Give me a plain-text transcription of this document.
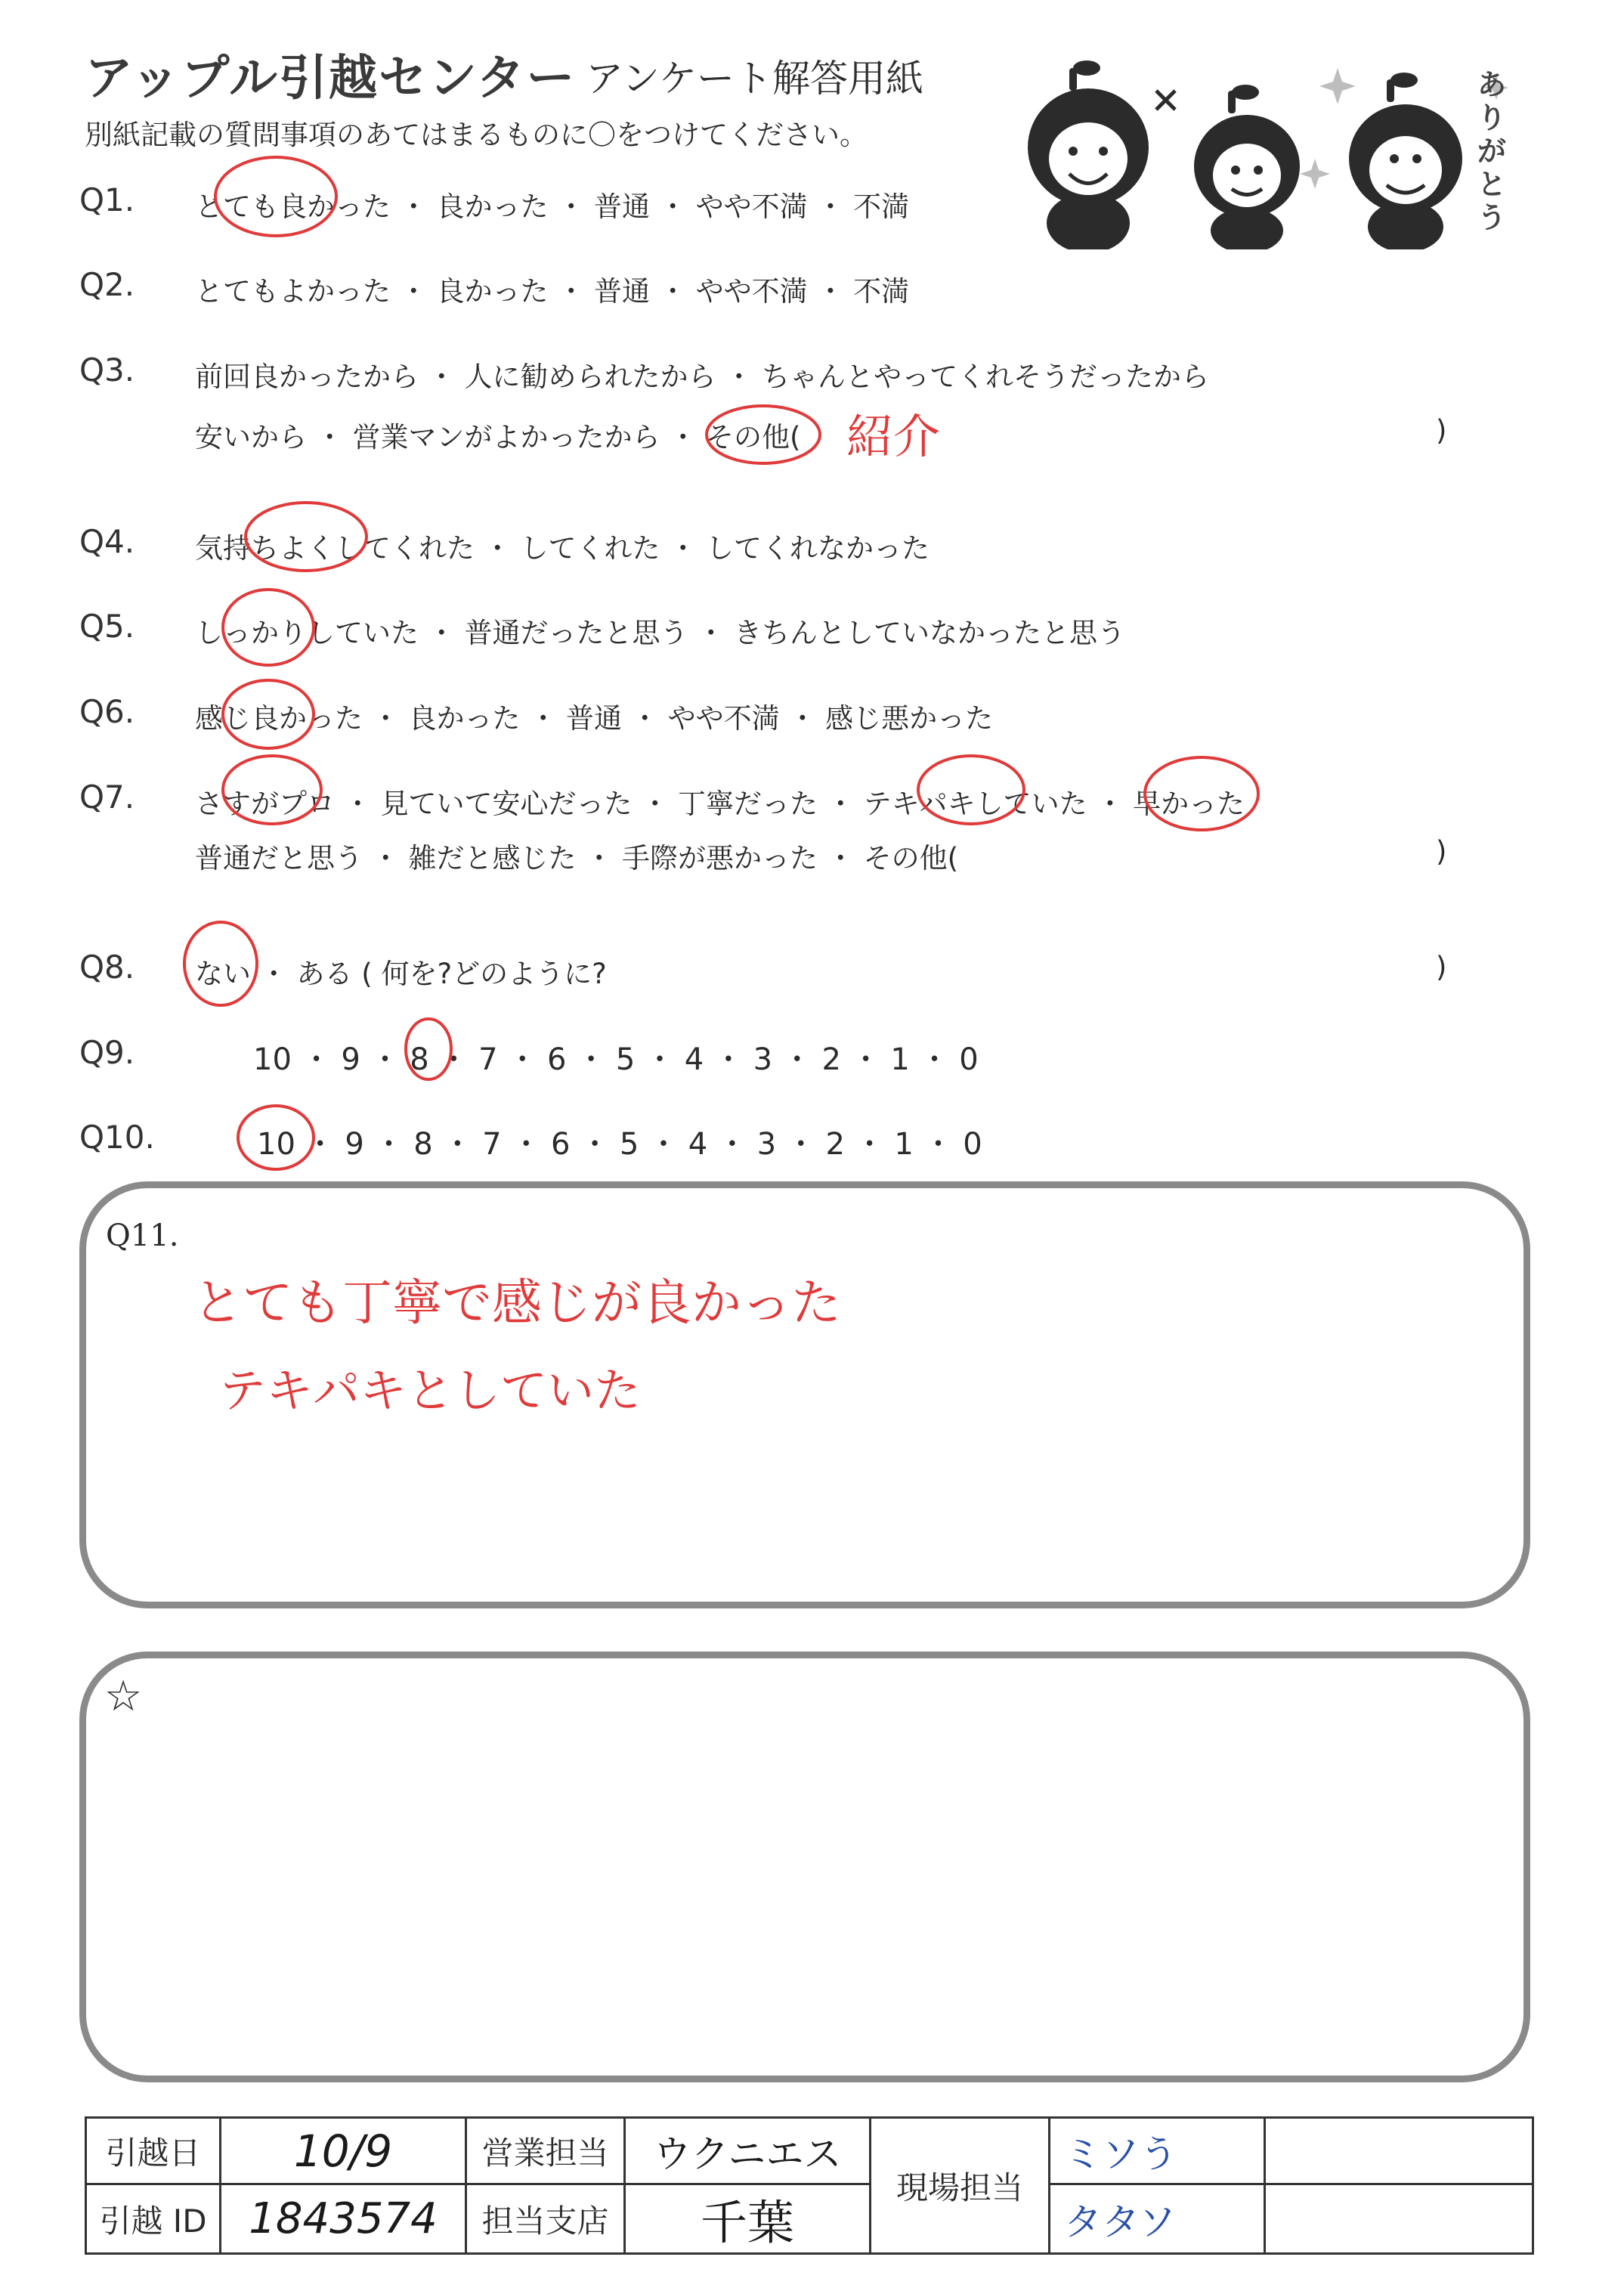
アップル引越センター アンケート解答用紙
別紙記載の質問事項のあてはまるものに〇をつけてください。
ありがとう
Q1. とても良かった ・ 良かった ・ 普通 ・ やや不満 ・ 不満
Q2. とてもよかった ・ 良かった ・ 普通 ・ やや不満 ・ 不満
Q3. 前回良かったから ・ 人に勧められたから ・ ちゃんとやってくれそうだったから
安いから ・ 営業マンがよかったから ・ その他(	)
Q4. 気持ちよくしてくれた ・ してくれた ・ してくれなかった
Q5. しっかりしていた ・ 普通だったと思う ・ きちんとしていなかったと思う
Q6. 感じ良かった ・ 良かった ・ 普通 ・ やや不満 ・ 感じ悪かった
Q7. さすがプロ ・ 見ていて安心だった ・ 丁寧だった ・ テキパキしていた ・ 早かった
普通だと思う ・ 雑だと感じた ・ 手際が悪かった ・ その他(	)
Q8. ない ・ ある ( 何を?どのように?	)
Q9.	10 ・ 9 ・ 8 ・ 7 ・ 6 ・ 5 ・ 4 ・ 3 ・ 2 ・ 1 ・ 0
Q10.	10 ・ 9 ・ 8 ・ 7 ・ 6 ・ 5 ・ 4 ・ 3 ・ 2 ・ 1 ・ 0
紹介
Q11.
とても丁寧で感じが良かった
テキパキとしていた
☆
引越日	10/9	営業担当	ウクニエス	現場担当	ミソう	
引越 ID	1843574	担当支店	千葉		タタソ	
